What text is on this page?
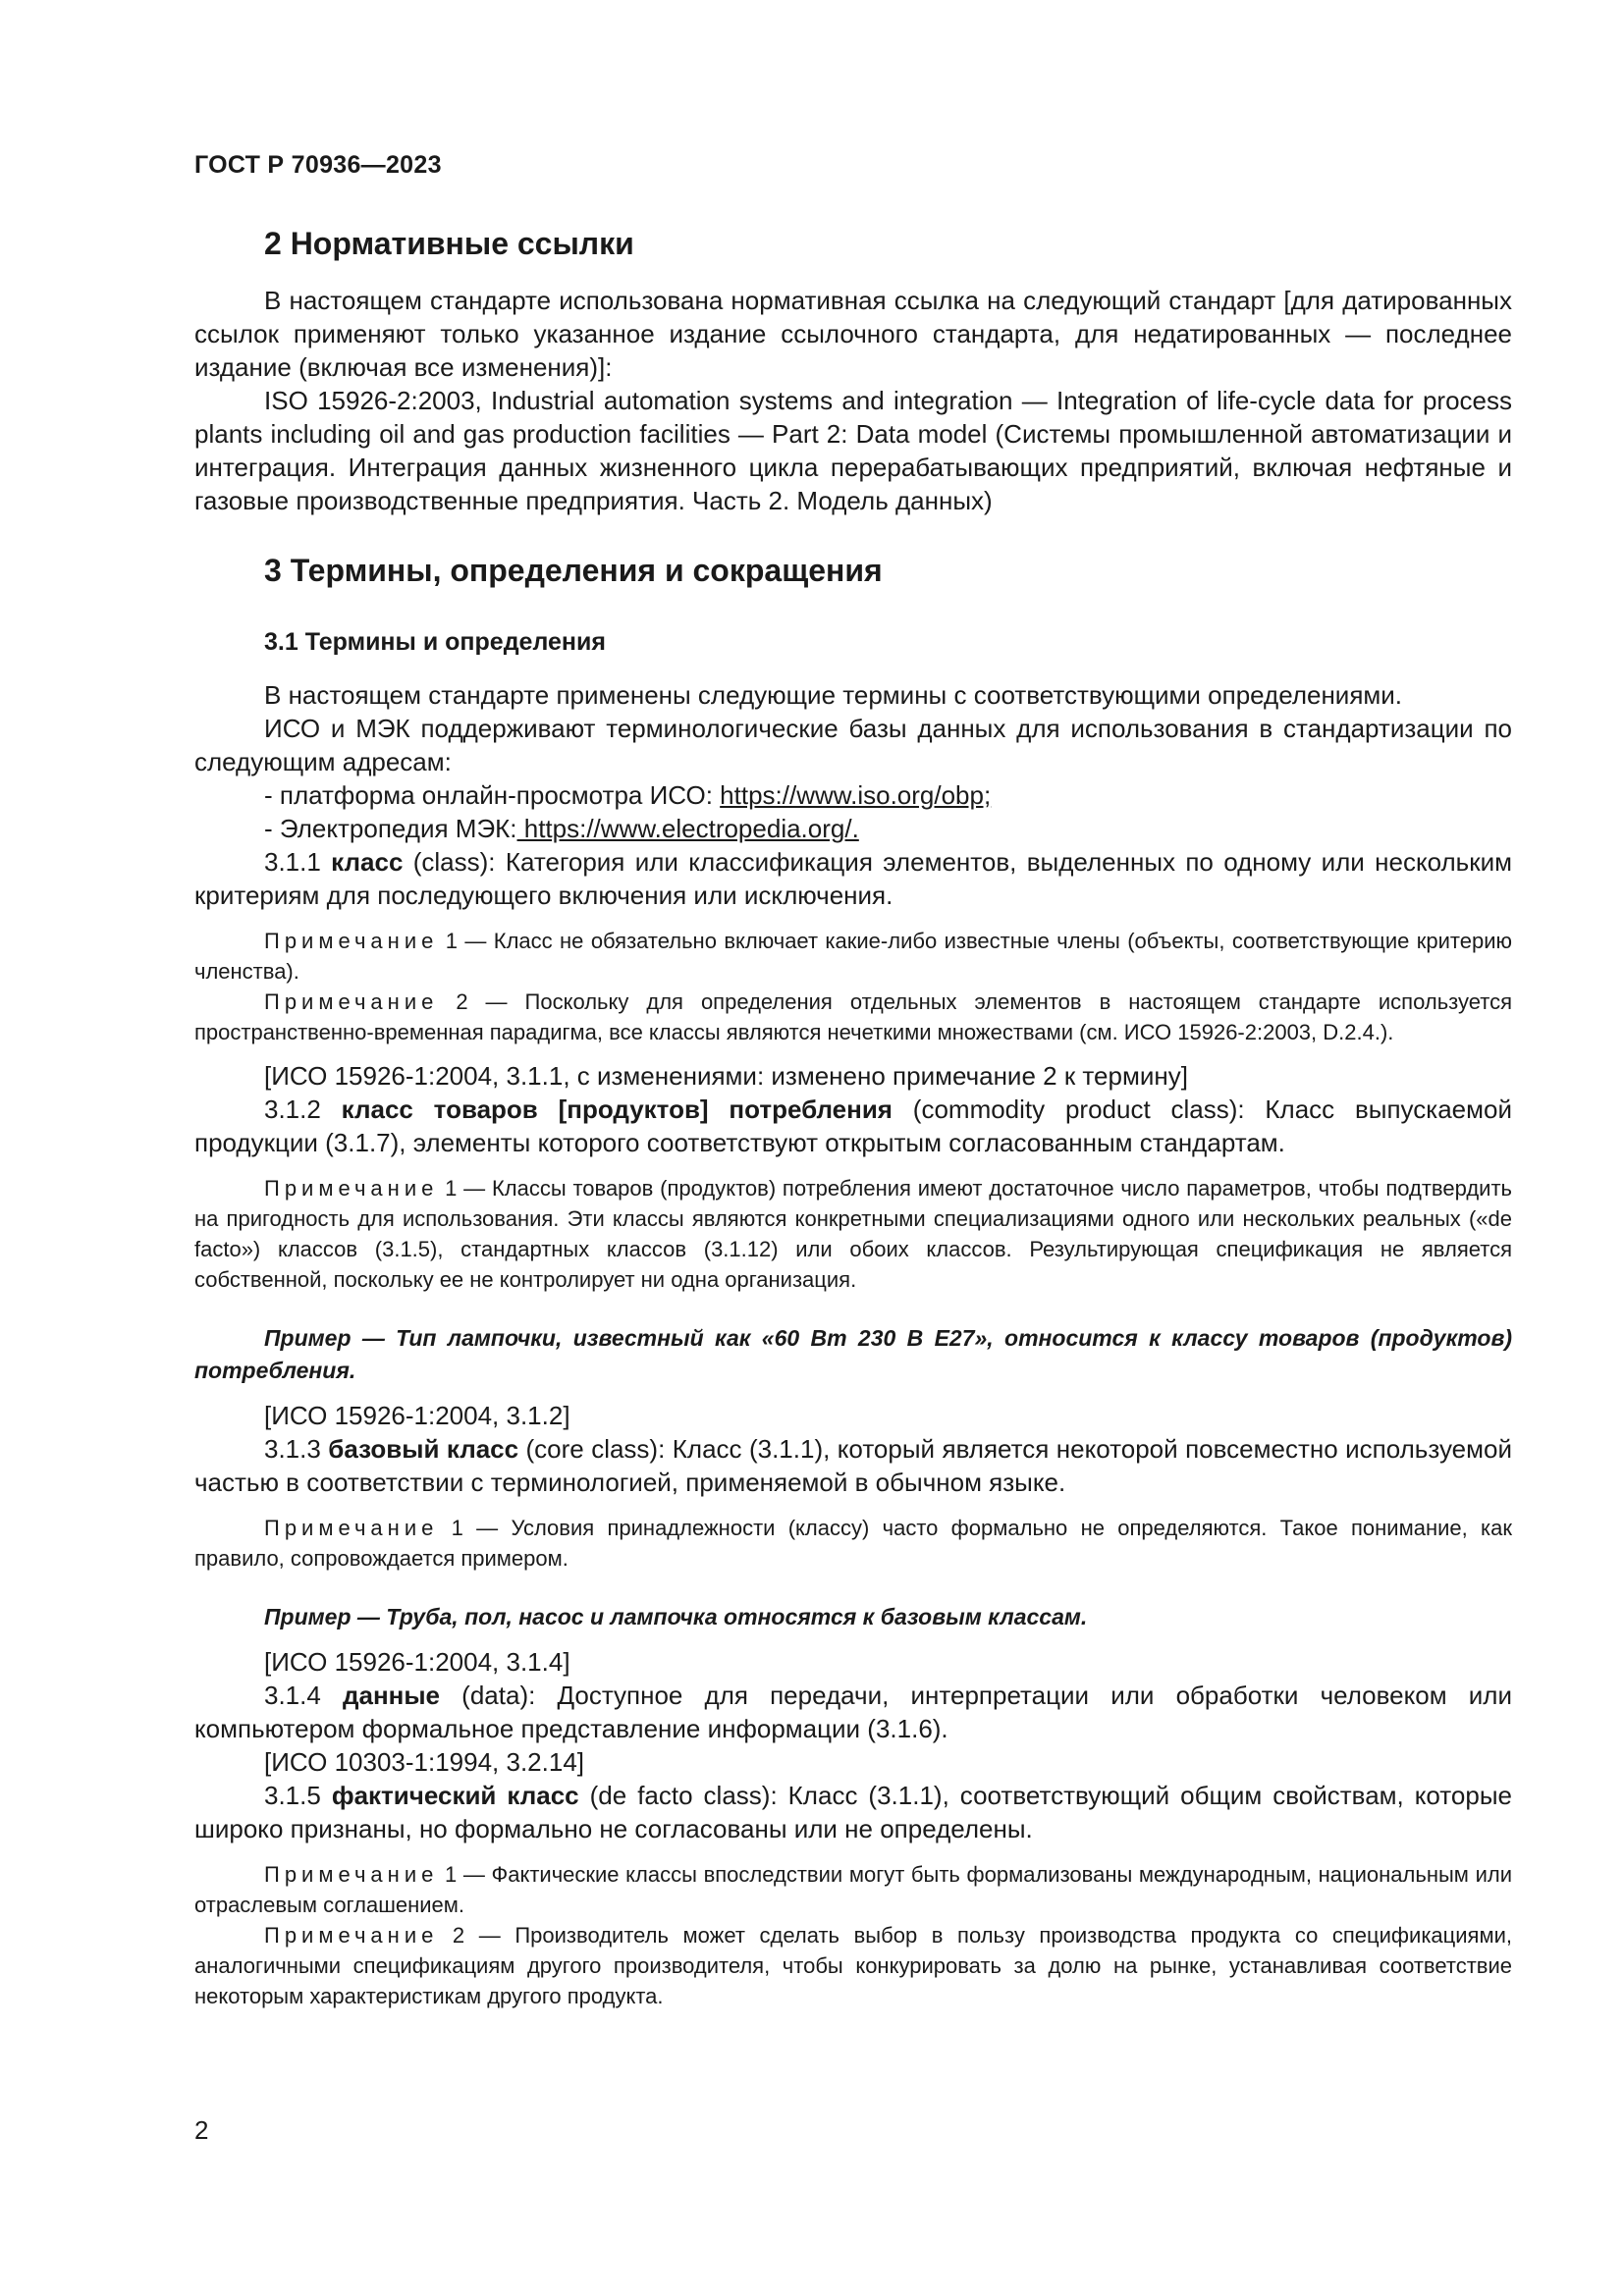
ГОСТ Р 70936—2023
2 Нормативные ссылки

В настоящем стандарте использована нормативная ссылка на следующий стандарт [для датированных ссылок применяют только указанное издание ссылочного стандарта, для недатированных — последнее издание (включая все изменения)]:

ISO 15926-2:2003, Industrial automation systems and integration — Integration of life-cycle data for process plants including oil and gas production facilities — Part 2: Data model (Системы промышленной автоматизации и интеграция. Интеграция данных жизненного цикла перерабатывающих предприятий, включая нефтяные и газовые производственные предприятия. Часть 2. Модель данных)

3 Термины, определения и сокращения
3.1 Термины и определения

В настоящем стандарте применены следующие термины с соответствующими определениями.

ИСО и МЭК поддерживают терминологические базы данных для использования в стандартизации по следующим адресам:

- платформа онлайн-просмотра ИСО: https://www.iso.org/obp;

- Электропедия МЭК: https://www.electropedia.org/.

3.1.1 класс (class): Категория или классификация элементов, выделенных по одному или нескольким критериям для последующего включения или исключения.

Примечание 1 — Класс не обязательно включает какие-либо известные члены (объекты, соответствующие критерию членства).

Примечание 2 — Поскольку для определения отдельных элементов в настоящем стандарте используется пространственно-временная парадигма, все классы являются нечеткими множествами (см. ИСО 15926-2:2003, D.2.4.).

[ИСО 15926-1:2004, 3.1.1, с изменениями: изменено примечание 2 к термину]

3.1.2 класс товаров [продуктов] потребления (commodity product class): Класс выпускаемой продукции (3.1.7), элементы которого соответствуют открытым согласованным стандартам.

Примечание 1 — Классы товаров (продуктов) потребления имеют достаточное число параметров, чтобы подтвердить на пригодность для использования. Эти классы являются конкретными специализациями одного или нескольких реальных («de facto») классов (3.1.5), стандартных классов (3.1.12) или обоих классов. Результирующая спецификация не является собственной, поскольку ее не контролирует ни одна организация.

Пример — Тип лампочки, известный как «60 Вт 230 В Е27», относится к классу товаров (продуктов) потребления.

[ИСО 15926-1:2004, 3.1.2]

3.1.3 базовый класс (core class): Класс (3.1.1), который является некоторой повсеместно используемой частью в соответствии с терминологией, применяемой в обычном языке.

Примечание 1 — Условия принадлежности (классу) часто формально не определяются. Такое понимание, как правило, сопровождается примером.

Пример — Труба, пол, насос и лампочка относятся к базовым классам.

[ИСО 15926-1:2004, 3.1.4]

3.1.4 данные (data): Доступное для передачи, интерпретации или обработки человеком или компьютером формальное представление информации (3.1.6).

[ИСО 10303-1:1994, 3.2.14]

3.1.5 фактический класс (de facto class): Класс (3.1.1), соответствующий общим свойствам, которые широко признаны, но формально не согласованы или не определены.

Примечание 1 — Фактические классы впоследствии могут быть формализованы международным, национальным или отраслевым соглашением.

Примечание 2 — Производитель может сделать выбор в пользу производства продукта со спецификациями, аналогичными спецификациям другого производителя, чтобы конкурировать за долю на рынке, устанавливая соответствие некоторым характеристикам другого продукта.

2
